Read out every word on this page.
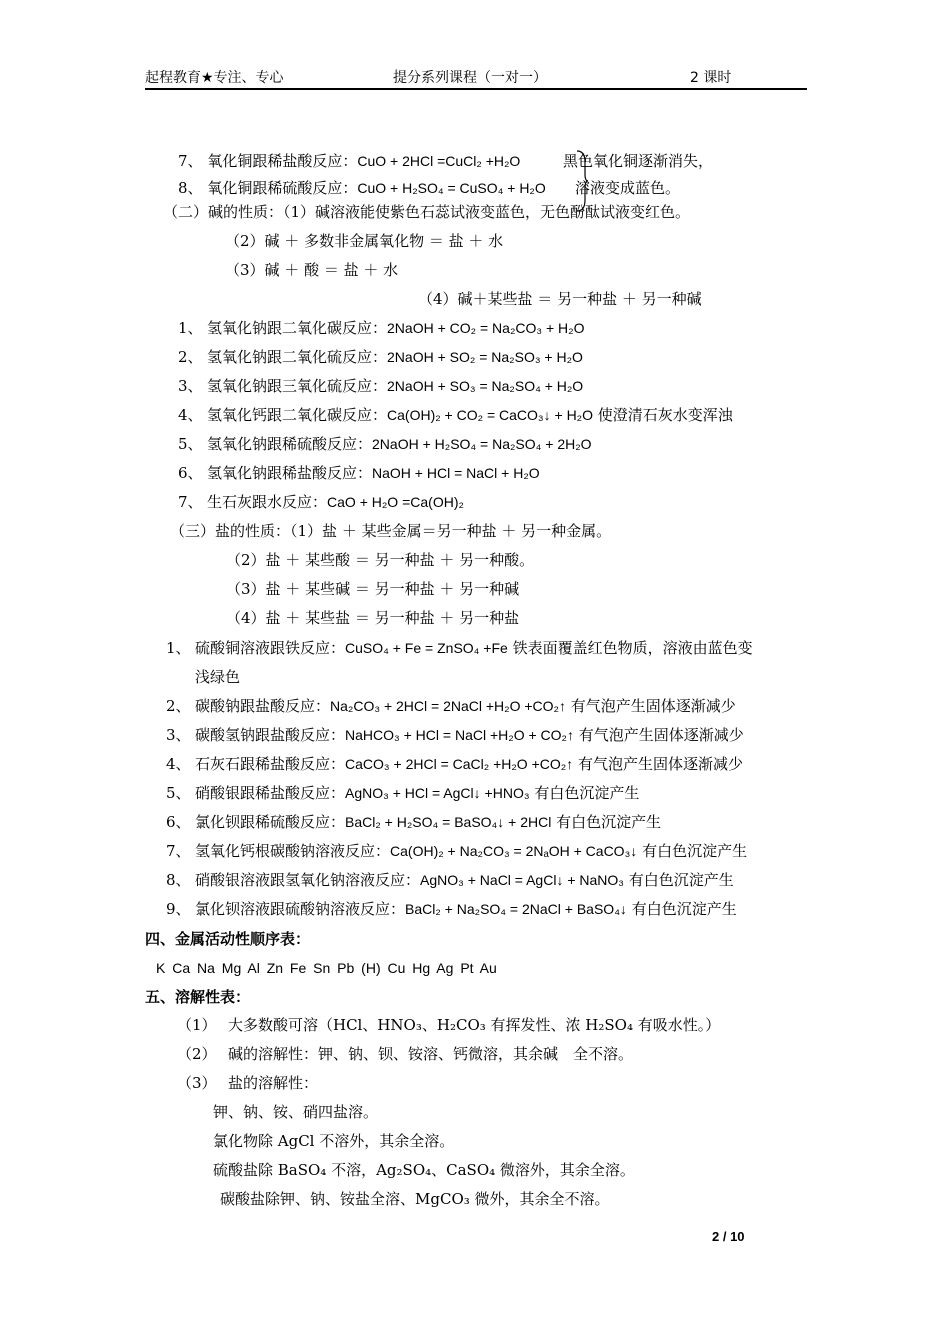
起程教育★专注、专心	提分系列课程（一对一）	2 课时
7、 氧化铜跟稀盐酸反应：CuO + 2HCl =CuCl₂ +H₂O	黑色氧化铜逐渐消失，
8、 氧化铜跟稀硫酸反应：CuO + H₂SO₄ = CuSO₄ + H₂O 溶液变成蓝色。
（二）碱的性质：（1）碱溶液能使紫色石蕊试液变蓝色，无色酚酞试液变红色。
（2）碱 ＋ 多数非金属氧化物 ＝ 盐 ＋ 水
（3）碱 ＋ 酸 ＝ 盐 ＋ 水
（4）碱＋某些盐 ＝ 另一种盐 ＋ 另一种碱
1、 氢氧化钠跟二氧化碳反应：2NaOH + CO₂ = Na₂CO₃ + H₂O
2、 氢氧化钠跟二氧化硫反应：2NaOH + SO₂ = Na₂SO₃ + H₂O
3、 氢氧化钠跟三氧化硫反应：2NaOH + SO₃ = Na₂SO₄ + H₂O
4、 氢氧化钙跟二氧化碳反应：Ca(OH)₂ + CO₂ = CaCO₃↓ + H₂O 使澄清石灰水变浑浊
5、 氢氧化钠跟稀硫酸反应：2NaOH + H₂SO₄ = Na₂SO₄ + 2H₂O
6、 氢氧化钠跟稀盐酸反应：NaOH + HCl = NaCl + H₂O
7、 生石灰跟水反应：CaO + H₂O =Ca(OH)₂
（三）盐的性质：（1）盐 ＋ 某些金属＝另一种盐 ＋ 另一种金属。
（2）盐 ＋ 某些酸 ＝ 另一种盐 ＋ 另一种酸。
（3）盐 ＋ 某些碱 ＝ 另一种盐 ＋ 另一种碱
（4）盐 ＋ 某些盐 ＝ 另一种盐 ＋ 另一种盐
1、 硫酸铜溶液跟铁反应：CuSO₄ + Fe = ZnSO₄ +Fe 铁表面覆盖红色物质，溶液由蓝色变
2、 碳酸钠跟盐酸反应：Na₂CO₃ + 2HCl = 2NaCl +H₂O +CO₂↑ 有气泡产生固体逐渐减少
3、 碳酸氢钠跟盐酸反应：NaHCO₃ + HCl = NaCl +H₂O + CO₂↑ 有气泡产生固体逐渐减少
4、 石灰石跟稀盐酸反应：CaCO₃ + 2HCl = CaCl₂ +H₂O +CO₂↑ 有气泡产生固体逐渐减少
5、 硝酸银跟稀盐酸反应：AgNO₃ + HCl = AgCl↓ +HNO₃ 有白色沉淀产生
6、 氯化钡跟稀硫酸反应：BaCl₂ + H₂SO₄ = BaSO₄↓ + 2HCl 有白色沉淀产生
7、 氢氧化钙根碳酸钠溶液反应：Ca(OH)₂ + Na₂CO₃ = 2NₐOH + CaCO₃↓ 有白色沉淀产生
8、 硝酸银溶液跟氢氧化钠溶液反应：AgNO₃ + NaCl = AgCl↓ + NaNO₃ 有白色沉淀产生
9、 氯化钡溶液跟硫酸钠溶液反应：BaCl₂ + Na₂SO₄ = 2NaCl + BaSO₄↓ 有白色沉淀产生
浅绿色
四、金属活动性顺序表：
K Ca Na Mg Al Zn Fe Sn Pb (H) Cu Hg Ag Pt Au
五、溶解性表：
（1） 大多数酸可溶（HCl、HNO₃、H₂CO₃ 有挥发性、浓 H₂SO₄ 有吸水性。）
（2） 碱的溶解性：钾、钠、钡、铵溶、钙微溶，其余碱　全不溶。
（3） 盐的溶解性：
钾、钠、铵、硝四盐溶。
氯化物除 AgCl 不溶外，其余全溶。
硫酸盐除 BaSO₄ 不溶，Ag₂SO₄、CaSO₄ 微溶外，其余全溶。
碳酸盐除钾、钠、铵盐全溶、MgCO₃ 微外，其余全不溶。
2 / 10
